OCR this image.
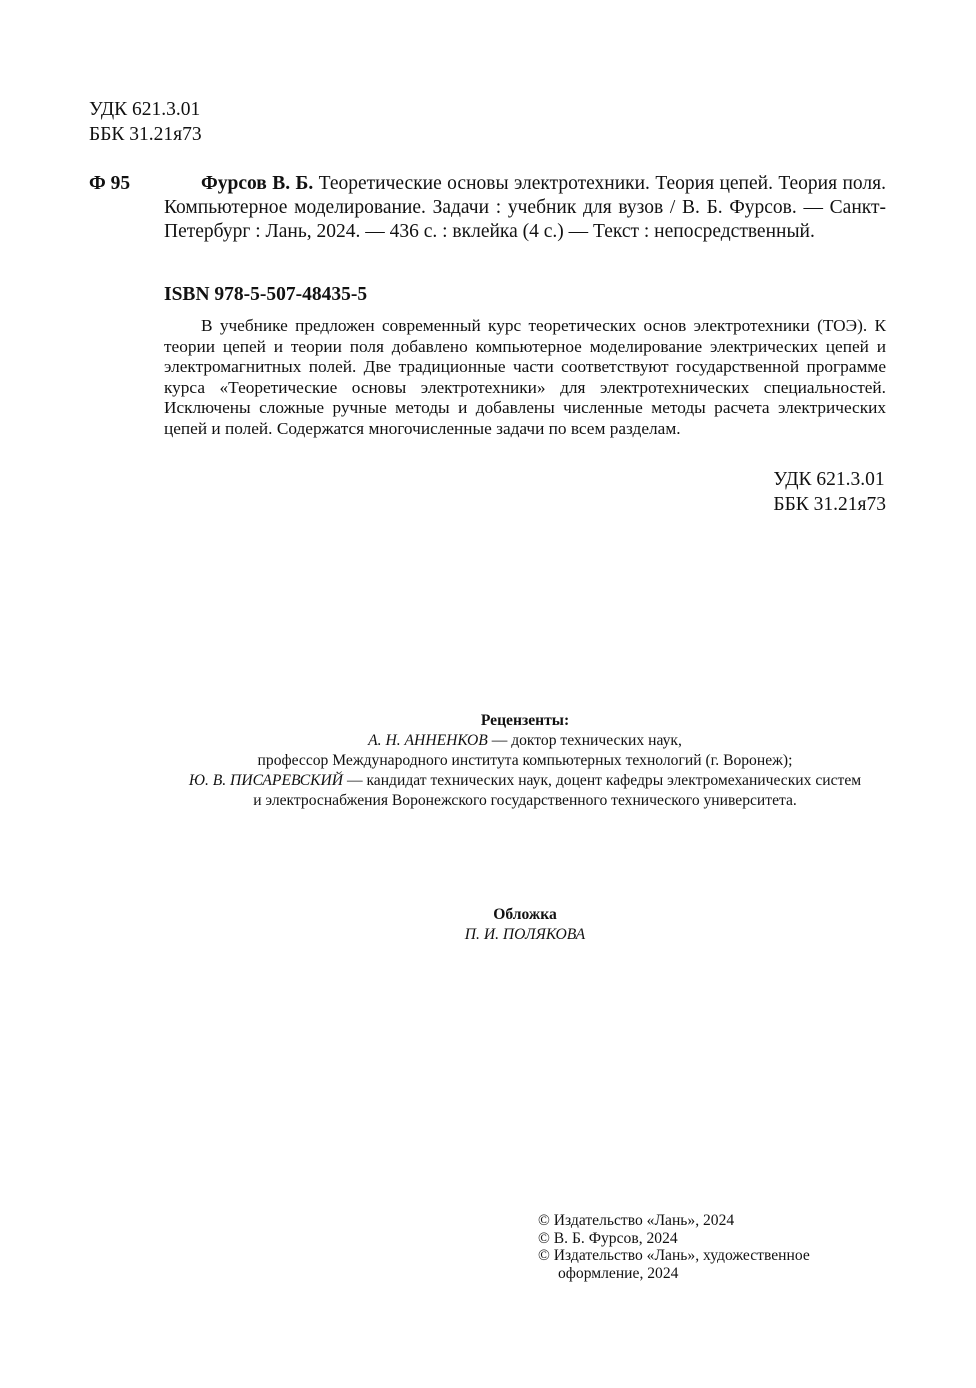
УДК 621.3.01
ББК 31.21я73
Ф 95	Фурсов В. Б. Теоретические основы электротехники. Теория цепей. Теория поля. Компьютерное моделирование. Задачи : учебник для вузов / В. Б. Фурсов. — Санкт-Петербург : Лань, 2024. — 436 с. : вклейка (4 с.) — Текст : непосредственный.

ISBN 978-5-507-48435-5

В учебнике предложен современный курс теоретических основ электротехники (ТОЭ). К теории цепей и теории поля добавлено компьютерное моделирование электрических цепей и электромагнитных полей. Две традиционные части соответствуют государственной программе курса «Теоретические основы электротехники» для электротехнических специальностей. Исключены сложные ручные методы и добавлены численные методы расчета электрических цепей и полей. Содержатся многочисленные задачи по всем разделам.

УДК 621.3.01
ББК 31.21я73
Рецензенты:
А. Н. АННЕНКОВ — доктор технических наук,
профессор Международного института компьютерных технологий (г. Воронеж);
Ю. В. ПИСАРЕВСКИЙ — кандидат технических наук, доцент кафедры электромеханических систем
и электроснабжения Воронежского государственного технического университета.
Обложка
П. И. ПОЛЯКОВА
© Издательство «Лань», 2024
© В. Б. Фурсов, 2024
© Издательство «Лань», художественное
оформление, 2024
